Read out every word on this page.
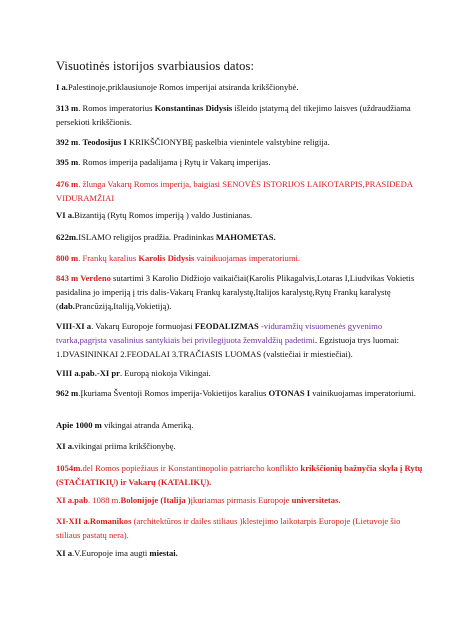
Visuotinės istorijos svarbiausios datos:
I a.Palestinoje,priklausiunoje Romos imperijai atsiranda krikščionybė.
313 m. Romos imperatorius Konstantinas Didysis išleido įstatymą del tikejimo laisves (uždraudžiama persekioti krikščionis.
392 m. Teodosijus I KRIKŠČIONYBĘ paskelbia vienintele valstybine religija.
395 m. Romos imperija padalijama į Rytų ir Vakarų imperijas.
476 m. žlunga Vakarų Romos imperija, baigiasi SENOVĖS ISTORIJOS LAIKOTARPIS,PRASIDEDA VIDURAMŽIAI
VI a.Bizantiją (Rytų Romos imperiją ) valdo Justinianas.
622m.ISLAMO religijos pradžia. Pradininkas MAHOMETAS.
800 m. Frankų karalius Karolis Didysis vainikuojamas imperatoriumi.
843 m Verdeno sutartimi 3 Karolio Didžiojo vaikaičiai(Karolis Plikagalvis,Lotaras I,Liudvikas Vokietis pasidalina jo imperiją į tris dalis-Vakarų Frankų karalystę,Italijos karalystę,Rytų Frankų karalystę (dab.Prancūziją,Italiją,Vokietiją).
VIII-XI a. Vakarų Europoje formuojasi FEODALIZMAS -viduramžių visuomenės gyvenimo tvarka,pagrįsta vasalinius santykiais bei privilegijuota žemvaldžių padetimi. Egzistuoja trys luomai: 1.DVASININKAI 2.FEODALAI 3.TRAČIASIS LUOMAS (valstiečiai ir miestiečiai).
VIII a.pab.-XI pr. Europą niokoja Vikingai.
962 m.Įkuriama Šventoji Romos imperija-Vokietijos karalius OTONAS I vainikuojamas imperatoriumi.
Apie 1000 m vikingai atranda Ameriką.
XI a.vikingai priima krikščionybę.
1054m.del Romos popiežiaus ir Konstantinopolio patriarcho konflikto krikščionių bažnyčia skyla į Rytų (STAČIATIKIŲ) ir Vakarų (KATALIKŲ).
XI a.pab. 1088 m.Bolonijoje (Italija )įkuriamas pirmasis Europoje universitetas.
XI-XII a.Romanikos (architektūros ir dailes stiliaus )klestejimo laikotarpis Europoje (Lietuvoje šio stiliaus pastatų nera).
XI a.V.Europoje ima augti miestai.
